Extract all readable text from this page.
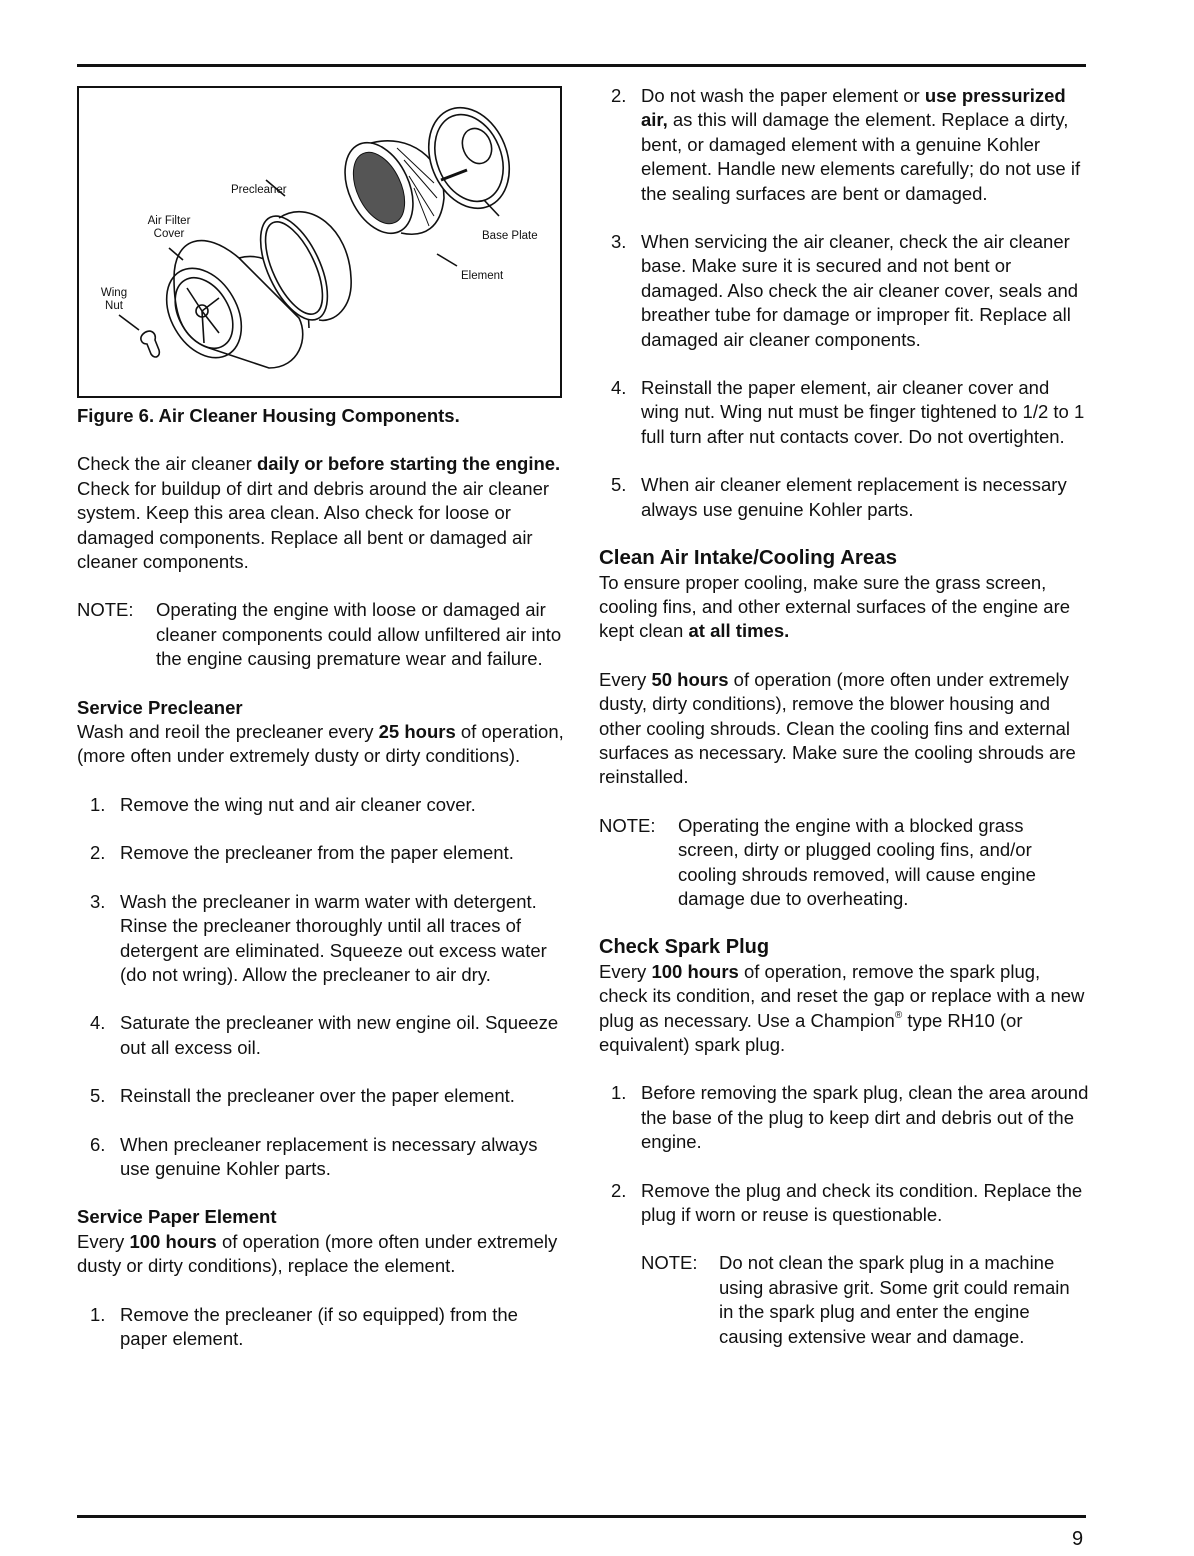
Precleaner
Air Filter
Cover	Base Plate
Element
Wing
Nut
Figure 6. Air Cleaner Housing Components.

Check the air cleaner daily or before starting the engine. Check for buildup of dirt and debris around the air cleaner system. Keep this area clean. Also check for loose or damaged components. Replace all bent or damaged air cleaner components.

NOTE:	Operating the engine with loose or damaged air cleaner components could allow unfiltered air into the engine causing premature wear and failure.
Service Precleaner

Wash and reoil the precleaner every 25 hours of operation, (more often under extremely dusty or dirty conditions).

1. Remove the wing nut and air cleaner cover.
2. Remove the precleaner from the paper element.
3. Wash the precleaner in warm water with detergent. Rinse the precleaner thoroughly until all traces of detergent are eliminated. Squeeze out excess water (do not wring). Allow the precleaner to air dry.
4. Saturate the precleaner with new engine oil. Squeeze out all excess oil.
5. Reinstall the precleaner over the paper element.
6. When precleaner replacement is necessary always use genuine Kohler parts.
Service Paper Element

Every 100 hours of operation (more often under extremely dusty or dirty conditions), replace the element.

1. Remove the precleaner (if so equipped) from the paper element.
2. Do not wash the paper element or use pressurized air, as this will damage the element. Replace a dirty, bent, or damaged element with a genuine Kohler element. Handle new elements carefully; do not use if the sealing surfaces are bent or damaged.
3. When servicing the air cleaner, check the air cleaner base. Make sure it is secured and not bent or damaged. Also check the air cleaner cover, seals and breather tube for damage or improper fit. Replace all damaged air cleaner components.
4. Reinstall the paper element, air cleaner cover and wing nut. Wing nut must be finger tightened to 1/2 to 1 full turn after nut contacts cover. Do not overtighten.
5. When air cleaner element replacement is necessary always use genuine Kohler parts.
Clean Air Intake/Cooling Areas

To ensure proper cooling, make sure the grass screen, cooling fins, and other external surfaces of the engine are kept clean at all times.

Every 50 hours of operation (more often under extremely dusty, dirty conditions), remove the blower housing and other cooling shrouds. Clean the cooling fins and external surfaces as necessary. Make sure the cooling shrouds are reinstalled.

NOTE:	Operating the engine with a blocked grass screen, dirty or plugged cooling fins, and/or cooling shrouds removed, will cause engine damage due to overheating.
Check Spark Plug

Every 100 hours of operation, remove the spark plug, check its condition, and reset the gap or replace with a new plug as necessary. Use a Champion® type RH10 (or equivalent) spark plug.

1. Before removing the spark plug, clean the area around the base of the plug to keep dirt and debris out of the engine.
2. Remove the plug and check its condition. Replace the plug if worn or reuse is questionable.
NOTE:	Do not clean the spark plug in a machine using abrasive grit. Some grit could remain in the spark plug and enter the engine causing extensive wear and damage.
9
